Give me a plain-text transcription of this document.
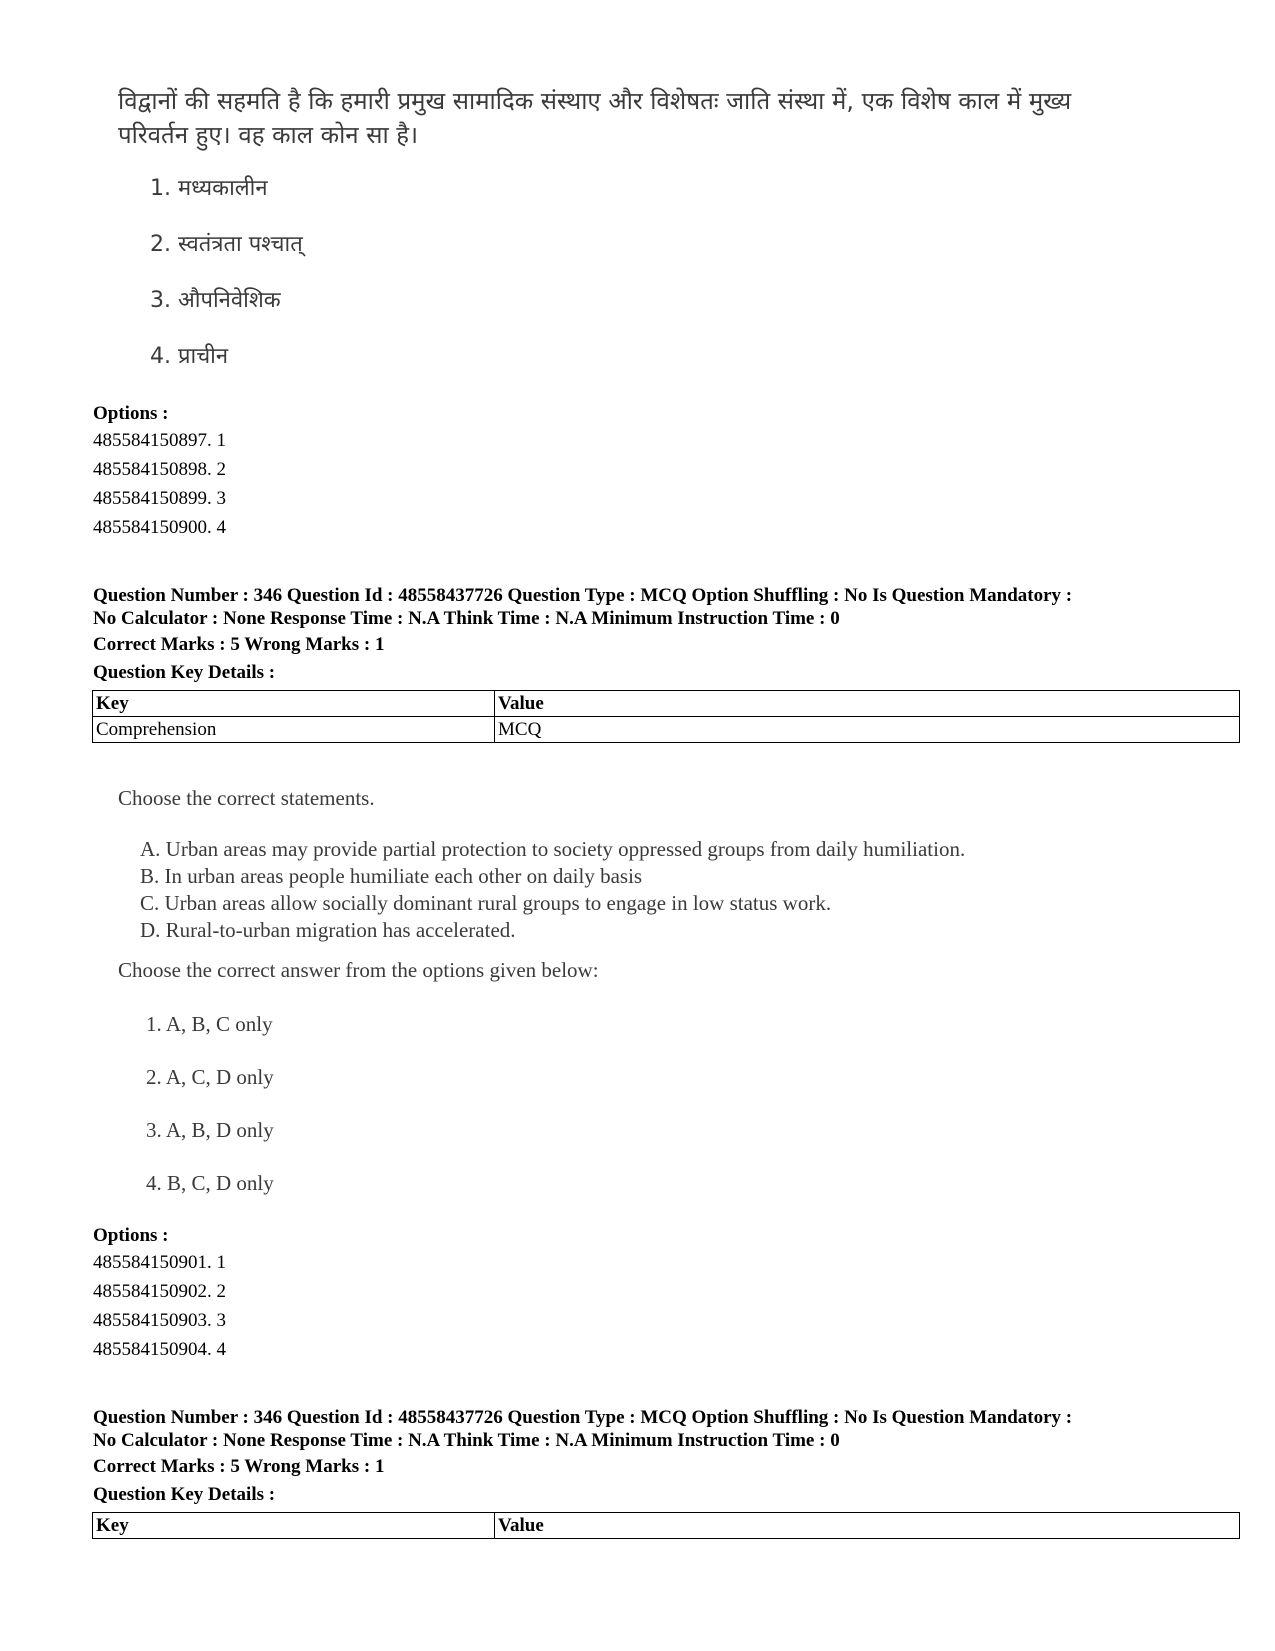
विद्वानों की सहमति है कि हमारी प्रमुख सामादिक संस्थाए और विशेषतः जाति संस्था में, एक विशेष काल में मुख्य परिवर्तन हुए। वह काल कोन सा है।
1. मध्यकालीन
2. स्वतंत्रता पश्चात्
3. औपनिवेशिक
4. प्राचीन
Options :
485584150897. 1
485584150898. 2
485584150899. 3
485584150900. 4
Question Number : 346 Question Id : 48558437726 Question Type : MCQ Option Shuffling : No Is Question Mandatory :
No Calculator : None Response Time : N.A Think Time : N.A Minimum Instruction Time : 0
Correct Marks : 5 Wrong Marks : 1
Question Key Details :
Key	Value
Comprehension	MCQ
Choose the correct statements.
A. Urban areas may provide partial protection to society oppressed groups from daily humiliation.
B. In urban areas people humiliate each other on daily basis
C. Urban areas allow socially dominant rural groups to engage in low status work.
D. Rural-to-urban migration has accelerated.
Choose the correct answer from the options given below:
1. A, B, C only
2. A, C, D only
3. A, B, D only
4. B, C, D only
Options :
485584150901. 1
485584150902. 2
485584150903. 3
485584150904. 4
Question Number : 346 Question Id : 48558437726 Question Type : MCQ Option Shuffling : No Is Question Mandatory :
No Calculator : None Response Time : N.A Think Time : N.A Minimum Instruction Time : 0
Correct Marks : 5 Wrong Marks : 1
Question Key Details :
Key	Value
